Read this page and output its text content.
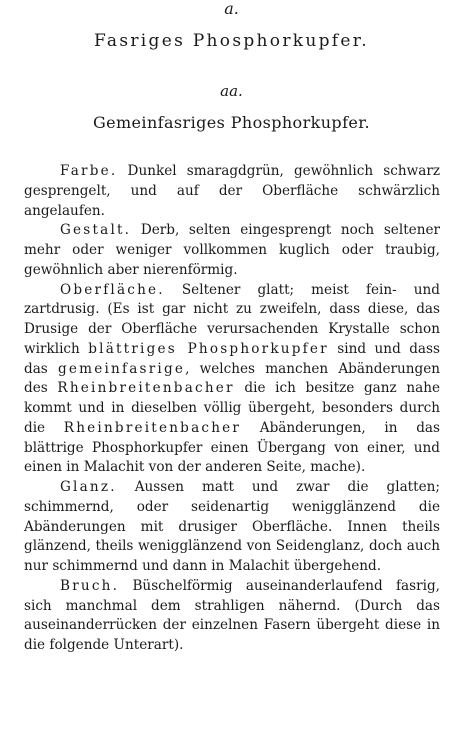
a.
Fasriges Phosphorkupfer.
aa.
Gemeinfasriges Phosphorkupfer.

Farbe. Dunkel smaragdgrün, gewöhnlich schwarz gesprengelt, und auf der Oberfläche schwärzlich angelaufen.

Gestalt. Derb, selten eingesprengt noch seltener mehr oder weniger vollkommen kuglich oder traubig, gewöhnlich aber nierenförmig.

Oberfläche. Seltener glatt; meist fein- und zartdrusig. (Es ist gar nicht zu zweifeln, dass diese, das Drusige der Oberfläche verursachenden Krystalle schon wirklich blättriges Phosphorkupfer sind und dass das gemeinfasrige, welches manchen Abänderungen des Rheinbreitenbacher die ich besitze ganz nahe kommt und in dieselben völlig übergeht, besonders durch die Rheinbreitenbacher Abänderungen, in das blättrige Phosphorkupfer einen Übergang von einer, und einen in Malachit von der anderen Seite, mache).

Glanz. Aussen matt und zwar die glatten; schimmernd, oder seidenartig wenigglänzend die Abänderungen mit drusiger Oberfläche. Innen theils glänzend, theils wenigglänzend von Seidenglanz, doch auch nur schimmernd und dann in Malachit übergehend.

Bruch. Büschelförmig auseinanderlaufend fasrig, sich manchmal dem strahligen nähernd. (Durch das auseinanderrücken der einzelnen Fasern übergeht diese in die folgende Unterart).
